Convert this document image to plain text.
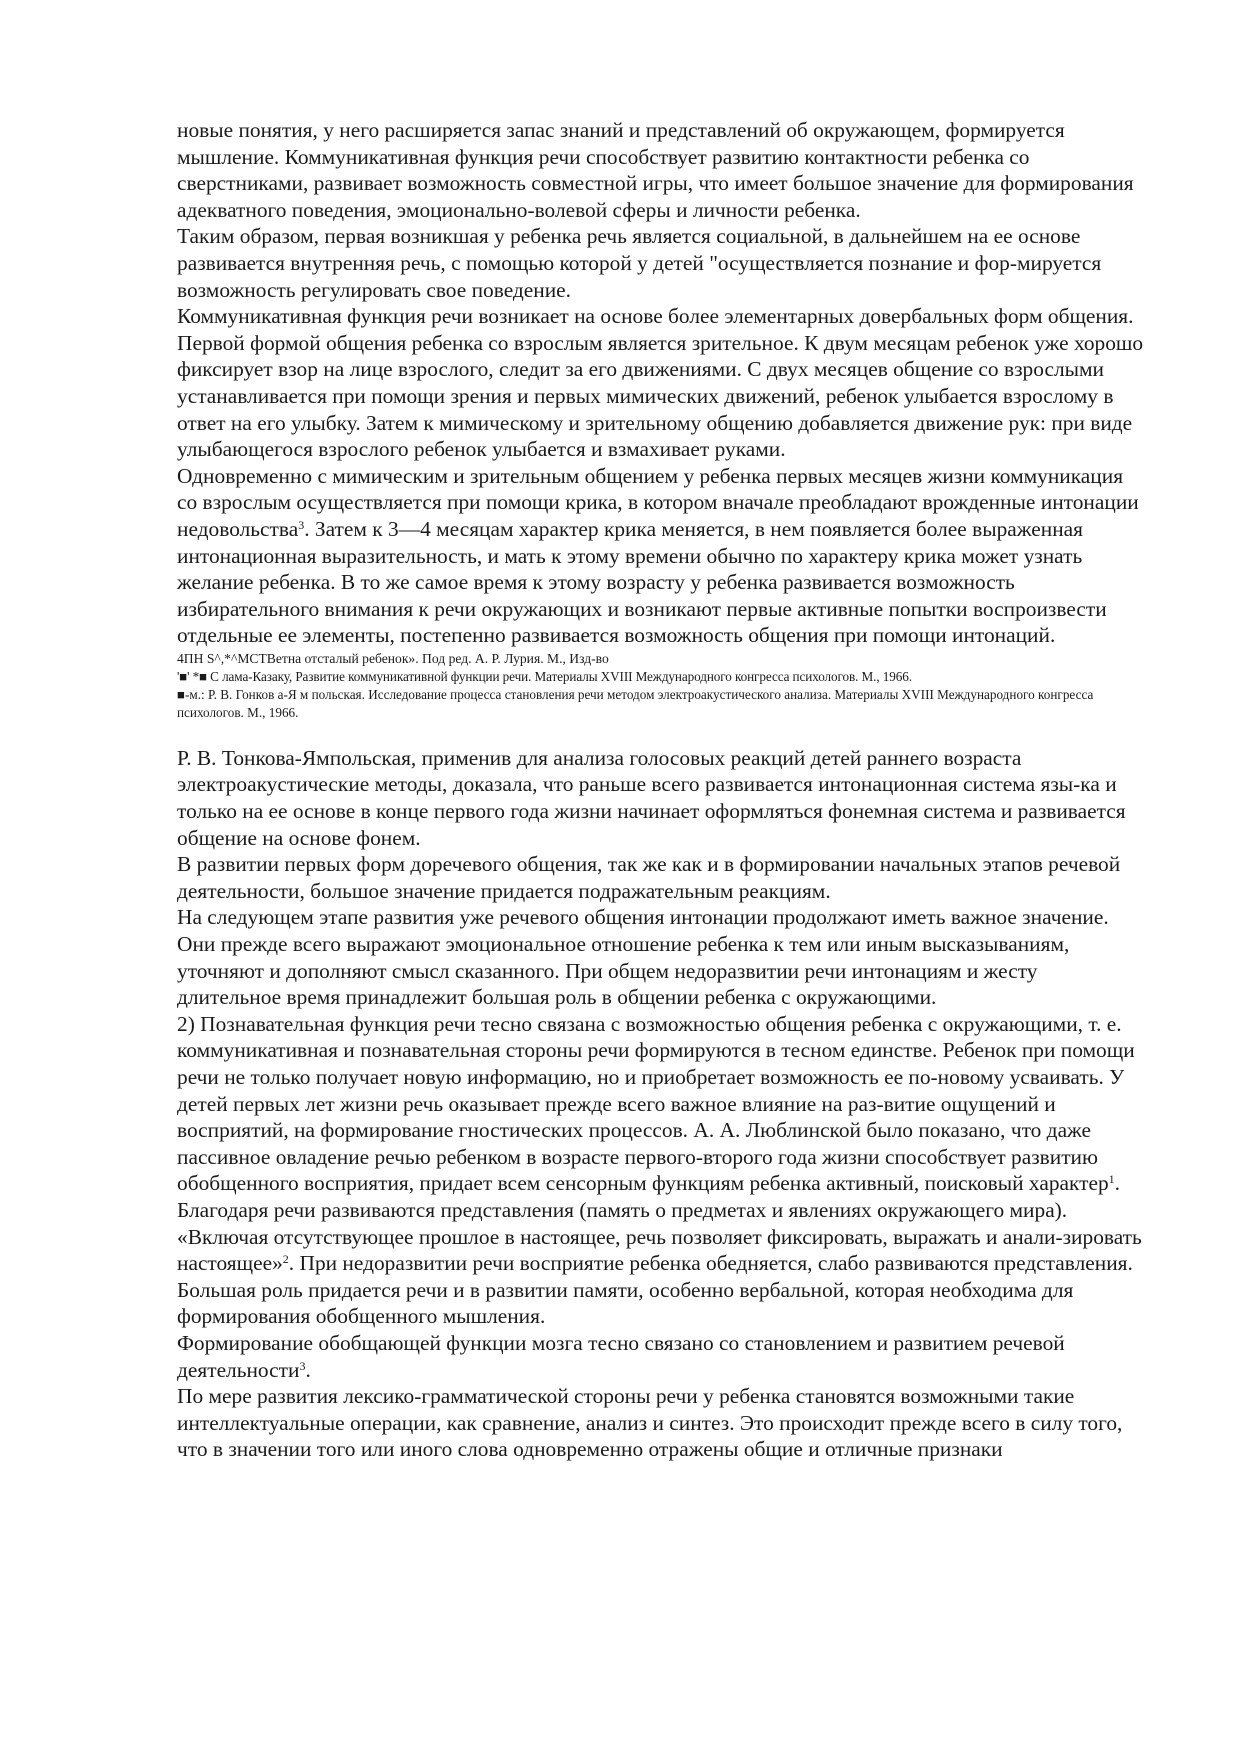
новые понятия, у него расширяется запас знаний и представлений об окружающем, формируется мышление. Коммуникативная функция речи способствует развитию контактности ребенка со сверстниками, развивает возможность совместной игры, что имеет большое значение для формирования адекватного поведения, эмоционально-волевой сферы и личности ребенка.

Таким образом, первая возникшая у ребенка речь является социальной, в дальнейшем на ее основе развивается внутренняя речь, с помощью которой у детей "осуществляется познание и фор-мируется возможность регулировать свое поведение.

Коммуникативная функция речи возникает на основе более элементарных довербальных форм общения. Первой формой общения ребенка со взрослым является зрительное. К двум месяцам ребенок уже хорошо фиксирует взор на лице взрослого, следит за его движениями. С двух месяцев общение со взрослыми устанавливается при помощи зрения и первых мимических движений, ребенок улыбается взрослому в ответ на его улыбку. Затем к мимическому и зрительному общению добавляется движение рук: при виде улыбающегося взрослого ребенок улыбается и взмахивает руками.

Одновременно с мимическим и зрительным общением у ребенка первых месяцев жизни коммуникация со взрослым осуществляется при помощи крика, в котором вначале преобладают врожденные интонации недовольства$^3$. Затем к 3—4 месяцам характер крика меняется, в нем появляется более выраженная интонационная выразительность, и мать к этому времени обычно по характеру крика может узнать желание ребенка. В то же самое время к этому возрасту у ребенка развивается возможность избирательного внимания к речи окружающих и возникают первые активные попытки воспроизвести отдельные ее элементы, постепенно развивается возможность общения при помощи интонаций.

4ПН S^,*^МСТВетна отсталый ребенок». Под ред. А. Р. Лурия. М., Изд-во

'■' *■ С лама-Казаку, Развитие коммуникативной функции речи. Материалы XVIII Международного конгресса психологов. М., 1966.

■-м.: Р. В. Гонков а-Я м польская. Исследование процесса становления речи методом электроакустического анализа. Материалы XVIII Международного конгресса психологов. М., 1966.

Р. В. Тонкова-Ямпольская, применив для анализа голосовых реакций детей раннего возраста электроакустические методы, доказала, что раньше всего развивается интонационная система язы-ка и только на ее основе в конце первого года жизни начинает оформляться фонемная система и развивается общение на основе фонем.

В развитии первых форм доречевого общения, так же как и в формировании начальных этапов речевой деятельности, большое значение придается подражательным реакциям.

На следующем этапе развития уже речевого общения интонации продолжают иметь важное значение. Они прежде всего выражают эмоциональное отношение ребенка к тем или иным высказываниям, уточняют и дополняют смысл сказанного. При общем недоразвитии речи интонациям и жесту длительное время принадлежит большая роль в общении ребенка с окружающими.

2) Познавательная функция речи тесно связана с возможностью общения ребенка с окружающими, т. е. коммуникативная и познавательная стороны речи формируются в тесном единстве. Ребенок при помощи речи не только получает новую информацию, но и приобретает возможность ее по-новому усваивать. У детей первых лет жизни речь оказывает прежде всего важное влияние на раз-витие ощущений и восприятий, на формирование гностических процессов. А. А. Люблинской было показано, что даже пассивное овладение речью ребенком в возрасте первого-второго года жизни способствует развитию обобщенного восприятия, придает всем сенсорным функциям ребенка активный, поисковый характер$^1$.

Благодаря речи развиваются представления (память о предметах и явлениях окружающего мира). «Включая отсутствующее прошлое в настоящее, речь позволяет фиксировать, выражать и анали-зировать настоящее»$^2$. При недоразвитии речи восприятие ребенка обедняется, слабо развиваются представления.

Большая роль придается речи и в развитии памяти, особенно вербальной, которая необходима для формирования обобщенного мышления.

Формирование обобщающей функции мозга тесно связано со становлением и развитием речевой деятельности$^3$.

По мере развития лексико-грамматической стороны речи у ребенка становятся возможными такие интеллектуальные операции, как сравнение, анализ и синтез. Это происходит прежде всего в силу того, что в значении того или иного слова одновременно отражены общие и отличные признаки
